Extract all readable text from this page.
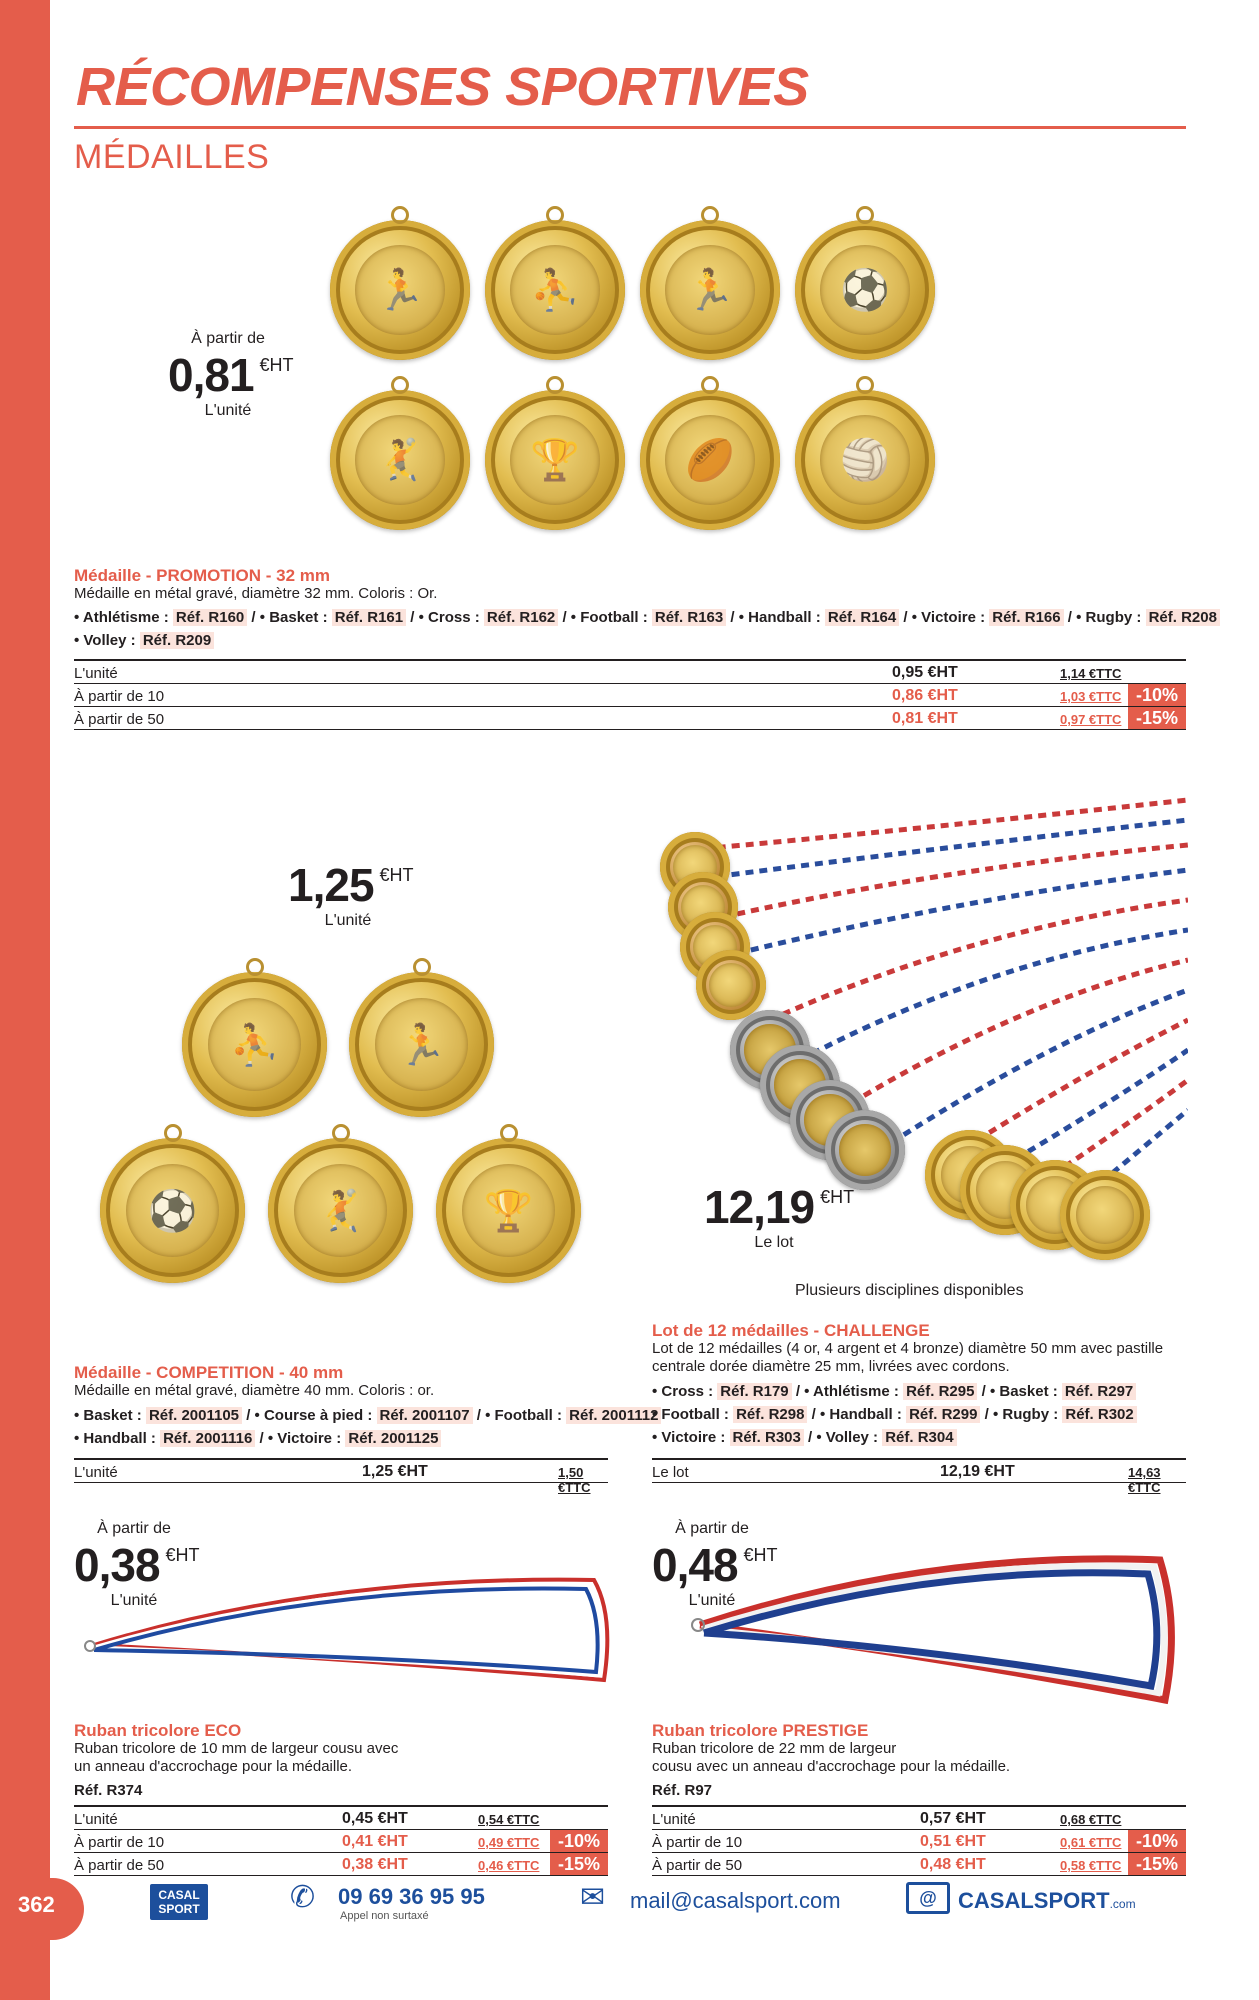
362
RÉCOMPENSES SPORTIVES
MÉDAILLES
À partir de
0,81 €HT
L'unité
🏃	⛹	🏃	⚽
🤾	🏆	🏉	🏐
Médaille - PROMOTION - 32 mm
Médaille en métal gravé, diamètre 32 mm. Coloris : Or.
• Athlétisme : Réf. R160 / • Basket : Réf. R161 / • Cross : Réf. R162 / • Football : Réf. R163 / • Handball : Réf. R164 / • Victoire : Réf. R166 / • Rugby : Réf. R208
• Volley : Réf. R209
L'unité	0,95 €HT	1,14 €TTC
À partir de 10	0,86 €HT	1,03 €TTC -10%
À partir de 50	0,81 €HT	0,97 €TTC -15%
1,25 €HT
L'unité
⛹	🏃
⚽	🤾	🏆
Médaille - COMPETITION - 40 mm
Médaille en métal gravé, diamètre 40 mm. Coloris : or.
• Basket : Réf. 2001105 / • Course à pied : Réf. 2001107 / • Football : Réf. 2001112
• Handball : Réf. 2001116 / • Victoire : Réf. 2001125
L'unité	1,25 €HT	1,50 €TTC
12,19 €HT
Le lot
Plusieurs disciplines disponibles
Lot de 12 médailles - CHALLENGE
Lot de 12 médailles (4 or, 4 argent et 4 bronze) diamètre 50 mm avec pastille
centrale dorée diamètre 25 mm, livrées avec cordons.
• Cross : Réf. R179 / • Athlétisme : Réf. R295 / • Basket : Réf. R297
• Football : Réf. R298 / • Handball : Réf. R299 / • Rugby : Réf. R302
• Victoire : Réf. R303 / • Volley : Réf. R304
Le lot	12,19 €HT	14,63 €TTC
À partir de
0,38 €HT
L'unité
Ruban tricolore ECO
Ruban tricolore de 10 mm de largeur cousu avec
un anneau d'accrochage pour la médaille.
Réf. R374
L'unité	0,45 €HT	0,54 €TTC
À partir de 10	0,41 €HT	0,49 €TTC	-10%
À partir de 50	0,38 €HT	0,46 €TTC	-15%
À partir de
0,48 €HT
L'unité
Ruban tricolore PRESTIGE
Ruban tricolore de 22 mm de largeur
cousu avec un anneau d'accrochage pour la médaille.
Réf. R97
L'unité	0,57 €HT	0,68 €TTC
À partir de 10	0,51 €HT	0,61 €TTC -10%
À partir de 50	0,48 €HT	0,58 €TTC -15%
CASAL
SPORT	✆ 09 69 36 95 95
Appel non surtaxé
✉ mail@casalsport.com	@ CASALSPORT.com
